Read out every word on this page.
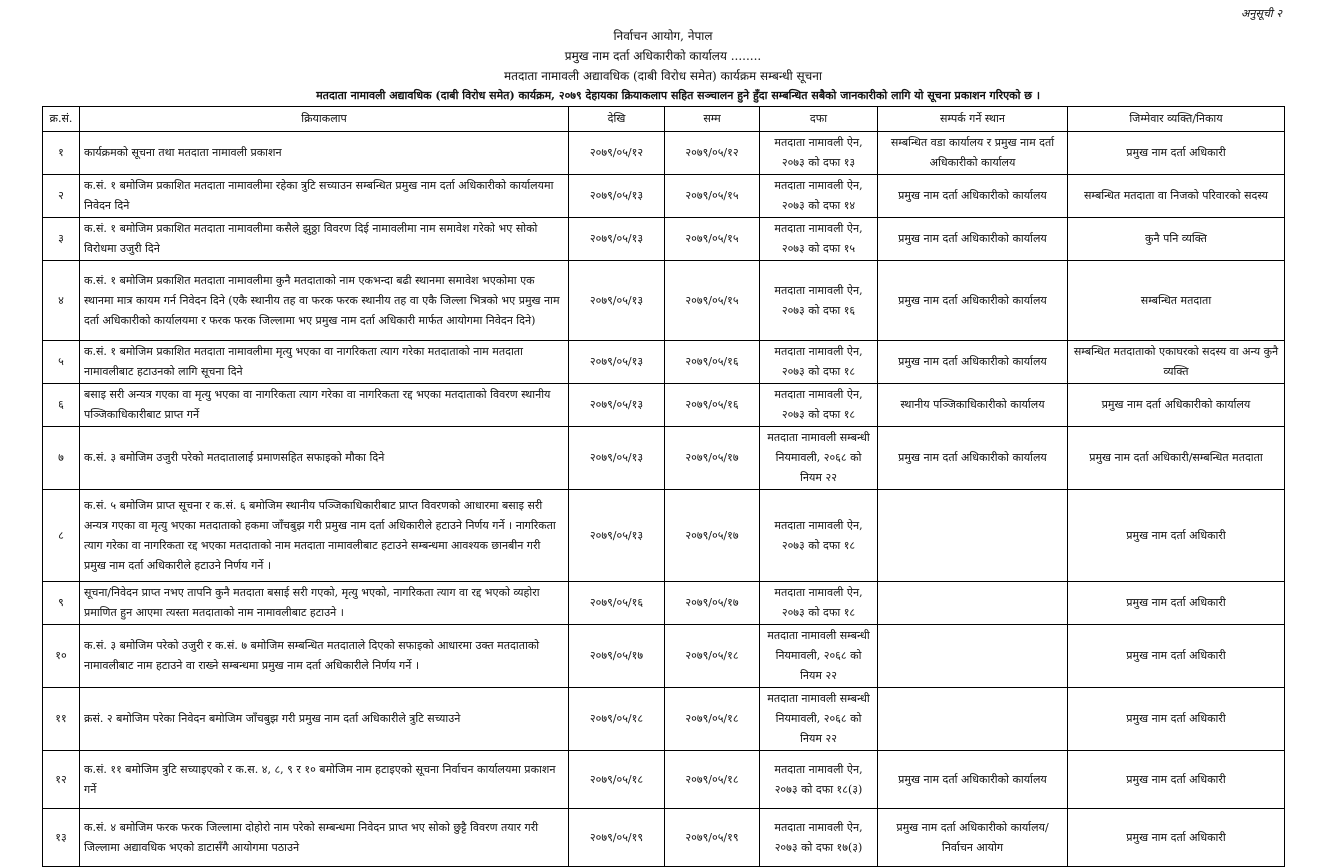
अनुसूची २
निर्वाचन आयोग, नेपाल
प्रमुख नाम दर्ता अधिकारीको कार्यालय ........
मतदाता नामावली अद्यावधिक (दाबी विरोध समेत) कार्यक्रम सम्बन्धी सूचना
मतदाता नामावली अद्यावधिक (दाबी विरोध समेत) कार्यक्रम, २०७९ देहायका क्रियाकलाप सहित सञ्चालन हुने हुँदा सम्बन्धित सबैको जानकारीको लागि यो सूचना प्रकाशन गरिएको छ ।
क्र.सं.	क्रियाकलाप	देखि	सम्म	दफा	सम्पर्क गर्ने स्थान	जिम्मेवार व्यक्ति/निकाय
१	कार्यक्रमको सूचना तथा मतदाता नामावली प्रकाशन	२०७९/०५/१२	२०७९/०५/१२	मतदाता नामावली ऐन, २०७३ को दफा १३	सम्बन्धित वडा कार्यालय र प्रमुख नाम दर्ता अधिकारीको कार्यालय	प्रमुख नाम दर्ता अधिकारी
२	क.सं. १ बमोजिम प्रकाशित मतदाता नामावलीमा रहेका त्रुटि सच्याउन सम्बन्धित प्रमुख नाम दर्ता अधिकारीको कार्यालयमा निवेदन दिने	२०७९/०५/१३	२०७९/०५/१५	मतदाता नामावली ऐन, २०७३ को दफा १४	प्रमुख नाम दर्ता अधिकारीको कार्यालय	सम्बन्धित मतदाता वा निजको परिवारको सदस्य
३	क.सं. १ बमोजिम प्रकाशित मतदाता नामावलीमा कसैले झुठ्ठा विवरण दिई नामावलीमा नाम समावेश गरेको भए सोको विरोधमा उजुरी दिने	२०७९/०५/१३	२०७९/०५/१५	मतदाता नामावली ऐन, २०७३ को दफा १५	प्रमुख नाम दर्ता अधिकारीको कार्यालय	कुनै पनि व्यक्ति
४	क.सं. १ बमोजिम प्रकाशित मतदाता नामावलीमा कुनै मतदाताको नाम एकभन्दा बढी स्थानमा समावेश भएकोमा एक स्थानमा मात्र कायम गर्न निवेदन दिने (एकै स्थानीय तह वा फरक फरक स्थानीय तह वा एकै जिल्ला भित्रको भए प्रमुख नाम दर्ता अधिकारीको कार्यालयमा र फरक फरक जिल्लामा भए प्रमुख नाम दर्ता अधिकारी मार्फत आयोगमा निवेदन दिने)	२०७९/०५/१३	२०७९/०५/१५	मतदाता नामावली ऐन, २०७३ को दफा १६	प्रमुख नाम दर्ता अधिकारीको कार्यालय	सम्बन्धित मतदाता
५	क.सं. १ बमोजिम प्रकाशित मतदाता नामावलीमा मृत्यु भएका वा नागरिकता त्याग गरेका मतदाताको नाम मतदाता नामावलीबाट हटाउनको लागि सूचना दिने	२०७९/०५/१३	२०७९/०५/१६	मतदाता नामावली ऐन, २०७३ को दफा १८	प्रमुख नाम दर्ता अधिकारीको कार्यालय	सम्बन्धित मतदाताको एकाघरको सदस्य वा अन्य कुनै व्यक्ति
६	बसाइ सरी अन्यत्र गएका वा मृत्यु भएका वा नागरिकता त्याग गरेका वा नागरिकता रद्द भएका मतदाताको विवरण स्थानीय पञ्जिकाधिकारीबाट प्राप्त गर्ने	२०७९/०५/१३	२०७९/०५/१६	मतदाता नामावली ऐन, २०७३ को दफा १८	स्थानीय पञ्जिकाधिकारीको कार्यालय	प्रमुख नाम दर्ता अधिकारीको कार्यालय
७	क.सं. ३ बमोजिम उजुरी परेको मतदातालाई प्रमाणसहित सफाइको मौका दिने	२०७९/०५/१३	२०७९/०५/१७	मतदाता नामावली सम्बन्धी नियमावली, २०६८ को नियम २२	प्रमुख नाम दर्ता अधिकारीको कार्यालय	प्रमुख नाम दर्ता अधिकारी/सम्बन्धित मतदाता
८	क.सं. ५ बमोजिम प्राप्त सूचना र क.सं. ६ बमोजिम स्थानीय पञ्जिकाधिकारीबाट प्राप्त विवरणको आधारमा बसाइ सरी अन्यत्र गएका वा मृत्यु भएका मतदाताको हकमा जाँचबुझ गरी प्रमुख नाम दर्ता अधिकारीले हटाउने निर्णय गर्ने । नागरिकता त्याग गरेका वा नागरिकता रद्द भएका मतदाताको नाम मतदाता नामावलीबाट हटाउने सम्बन्धमा आवश्यक छानबीन गरी प्रमुख नाम दर्ता अधिकारीले हटाउने निर्णय गर्ने ।	२०७९/०५/१३	२०७९/०५/१७	मतदाता नामावली ऐन, २०७३ को दफा १८		प्रमुख नाम दर्ता अधिकारी
९	सूचना/निवेदन प्राप्त नभए तापनि कुनै मतदाता बसाई सरी गएको, मृत्यु भएको, नागरिकता त्याग वा रद्द भएको व्यहोरा प्रमाणित हुन आएमा त्यस्ता मतदाताको नाम नामावलीबाट हटाउने ।	२०७९/०५/१६	२०७९/०५/१७	मतदाता नामावली ऐन, २०७३ को दफा १८		प्रमुख नाम दर्ता अधिकारी
१०	क.सं. ३ बमोजिम परेको उजुरी र क.सं. ७ बमोजिम सम्बन्धित मतदाताले दिएको सफाइको आधारमा उक्त मतदाताको नामावलीबाट नाम हटाउने वा राख्ने सम्बन्धमा प्रमुख नाम दर्ता अधिकारीले निर्णय गर्ने ।	२०७९/०५/१७	२०७९/०५/१८	मतदाता नामावली सम्बन्धी नियमावली, २०६८ को नियम २२		प्रमुख नाम दर्ता अधिकारी
११	क्रसं. २ बमोजिम परेका निवेदन बमोजिम जाँचबुझ गरी प्रमुख नाम दर्ता अधिकारीले त्रुटि सच्याउने	२०७९/०५/१८	२०७९/०५/१८	मतदाता नामावली सम्बन्धी नियमावली, २०६८ को नियम २२		प्रमुख नाम दर्ता अधिकारी
१२	क.सं. ११ बमोजिम त्रुटि सच्याइएको र क.स. ४, ८, ९ र १० बमोजिम नाम हटाइएको सूचना निर्वाचन कार्यालयमा प्रकाशन गर्ने	२०७९/०५/१८	२०७९/०५/१८	मतदाता नामावली ऐन, २०७३ को दफा १८(३)	प्रमुख नाम दर्ता अधिकारीको कार्यालय	प्रमुख नाम दर्ता अधिकारी
१३	क.सं. ४ बमोजिम फरक फरक जिल्लामा दोहोरो नाम परेको सम्बन्धमा निवेदन प्राप्त भए सोको छुट्टै विवरण तयार गरी जिल्लामा अद्यावधिक भएको डाटासँगै आयोगमा पठाउने	२०७९/०५/१९	२०७९/०५/१९	मतदाता नामावली ऐन, २०७३ को दफा १७(३)	प्रमुख नाम दर्ता अधिकारीको कार्यालय/निर्वाचन आयोग	प्रमुख नाम दर्ता अधिकारी
